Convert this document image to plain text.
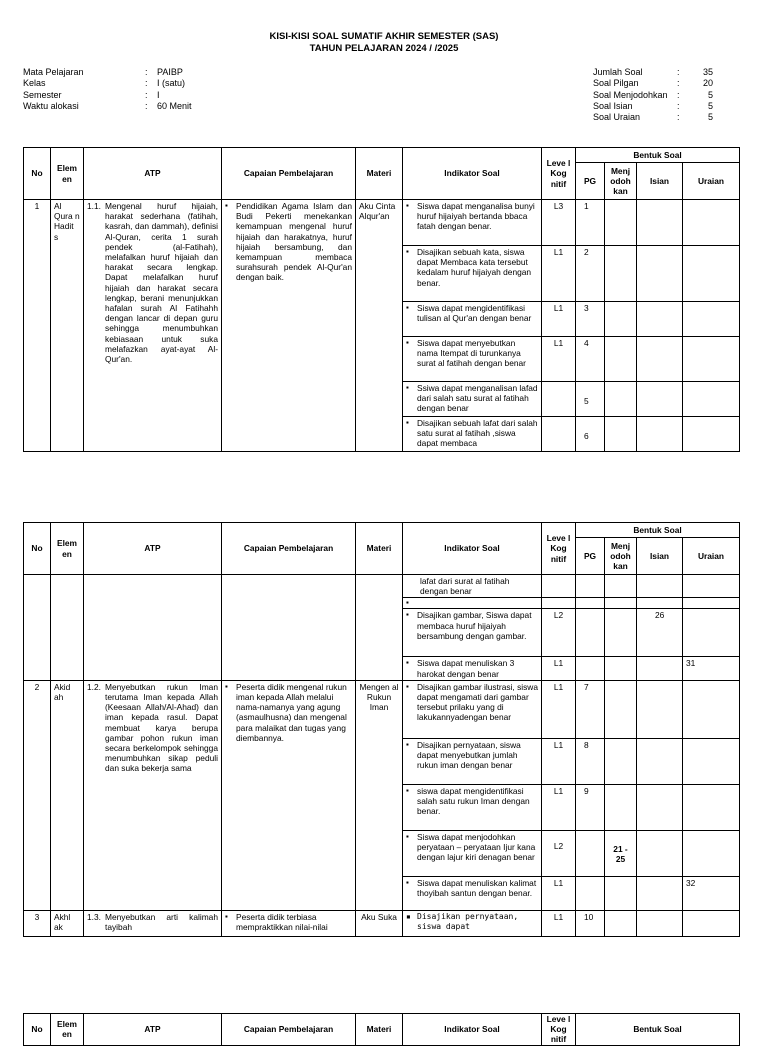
KISI-KISI SOAL SUMATIF AKHIR SEMESTER (SAS)
TAHUN PELAJARAN 2024 / /2025
Mata Pelajaran	:	PAIBP
Kelas	:	I (satu)
Semester	:	I
Waktu alokasi	:	60 Menit
Jumlah Soal	:	35
Soal Pilgan	:	20
Soal Menjodohkan	:	5
Soal Isian	:	5
Soal Uraian	:	5
No	Elem en	ATP	Capaian Pembelajaran	Materi	Indikator Soal	Leve l Kog nitif	Bentuk Soal			
							PG	Menj odoh kan	Isian	Uraian

1	Al Qura n Hadit s	1.1. Mengenal huruf hijaiah, harakat sederhana (fatihah, kasrah, dan dammah), definisi Al-Quran, cerita 1 surah pendek (al-Fatihah), melafalkan huruf hijaiah dan harakat secara lengkap. Dapat melafalkan huruf hijaiah dan harakat secara lengkap, berani menunjukkan hafalan surah Al Fatihahh dengan lancar di depan guru sehingga menumbuhkan kebiasaan untuk suka melafazkan ayat-ayat Al-Qur'an.	▪ Pendidikan Agama Islam dan Budi Pekerti menekankan kemampuan mengenal huruf hijaiah dan harakatnya, huruf hijaiah bersambung, dan kemampuan membaca surahsurah pendek Al-Qur'an dengan baik.	Aku Cinta Alqur'an	▪ Siswa dapat menganalisa bunyi huruf hijaiyah bertanda bbaca fatah dengan benar.	L3	1			

					▪ Disajikan sebuah kata, siswa dapat Membaca kata tersebut kedalam huruf hijaiyah dengan benar.	L1	2			

					▪ Siswa dapat mengidentifikasi tulisan al Qur'an dengan benar	L1	3			

					▪ Siswa dapat menyebutkan nama Itempat di turunkanya surat al fatihah dengan benar	L1	4			

					▪ Ssiwa dapat menganalisan lafad dari salah satu surat al fatihah dengan benar		5			

					▪ Disajikan sebuah lafat dari salah satu surat al fatihah ,siswa dapat membaca		6			

No	Elem en	ATP	Capaian Pembelajaran	Materi	Indikator Soal	Leve l Kog nitif	Bentuk Soal			
							PG	Menj odoh kan	Isian	Uraian

					lafat dari surat al fatihah dengan benar					

					▪					

					▪ Disajikan gambar, Siswa dapat membaca huruf hijaiyah bersambung dengan gambar.	L2			26	

					▪ Siswa dapat menuliskan 3 harokat dengan benar	L1				31

2	Akid ah	1.2. Menyebutkan rukun Iman terutama Iman kepada Allah (Keesaan Allah/Al-Ahad) dan iman kepada rasul. Dapat membuat karya berupa gambar pohon rukun iman secara berkelompok sehingga menumbuhkan sikap peduli dan suka bekerja sama	▪ Peserta didik mengenal rukun iman kepada Allah melalui nama-namanya yang agung (asmaulhusna) dan mengenal para malaikat dan tugas yang diembannya.	Mengen al Rukun Iman	▪ Disajikan gambar ilustrasi, siswa dapat mengamati dari gambar tersebut prilaku yang di lakukannyadengan benar	L1	7			

					▪ Disajikan pernyataan, siswa dapat menyebutkan jumlah rukun iman dengan benar	L1	8			

					▪ siswa dapat mengidentifikasi salah satu rukun Iman dengan benar.	L1	9			

					▪ Siswa dapat menjodohkan peryataan – peryataan Ijur kana dengan lajur kiri denagan benar	L2		21 - 25		

					▪ Siswa dapat menuliskan kalimat thoyibah santun dengan benar.	L1				32

3	Akhl ak	1.3. Menyebutkan arti kalimah tayibah	▪ Peserta didik terbiasa mempraktikkan nilai-nilai	Aku Suka	▪ Disajikan pernyataan, siswa dapat	L1	10			

No	Elem en	ATP	Capaian Pembelajaran	Materi	Indikator Soal	Leve l Kog nitif	Bentuk Soal
